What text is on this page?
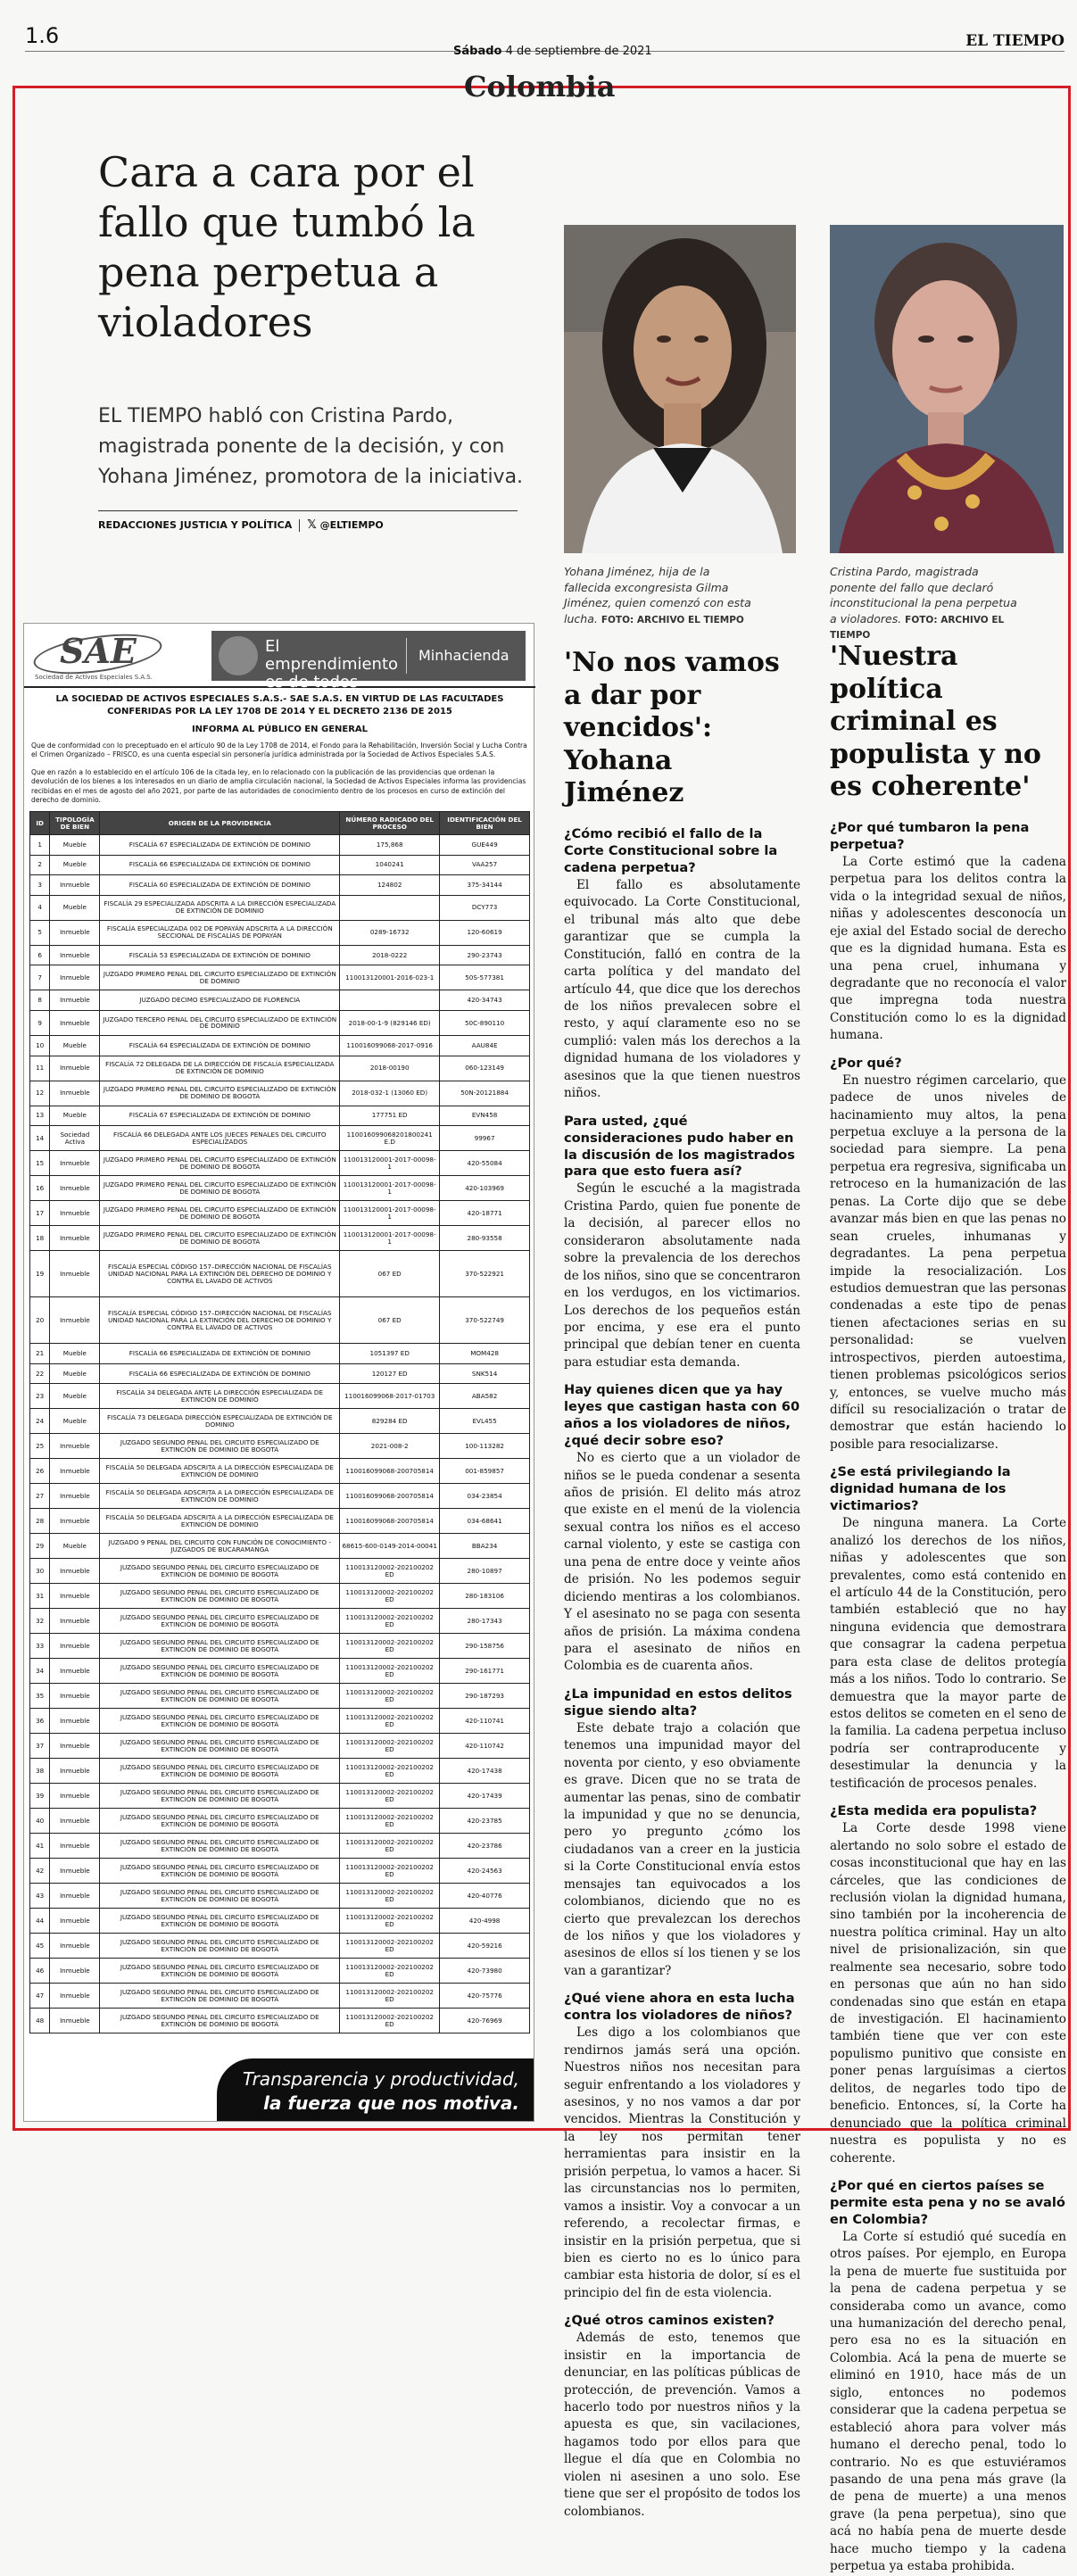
1.6
Sábado 4 de septiembre de 2021
EL TIEMPO
Colombia
Cara a cara por el fallo que tumbó la pena perpetua a violadores

EL TIEMPO habló con Cristina Pardo, magistrada ponente de la decisión, y con Yohana Jiménez, promotora de la iniciativa.

REDACCIONES JUSTICIA Y POLÍTICA 𝕏 @ELTIEMPO
SAE
Sociedad de Activos Especiales S.A.S.
El emprendimiento es de todos
Minhacienda
LA SOCIEDAD DE ACTIVOS ESPECIALES S.A.S.- SAE S.A.S. EN VIRTUD DE LAS FACULTADES CONFERIDAS POR LA LEY 1708 DE 2014 Y EL DECRETO 2136 DE 2015
INFORMA AL PÚBLICO EN GENERAL
Que de conformidad con lo preceptuado en el artículo 90 de la Ley 1708 de 2014, el Fondo para la Rehabilitación, Inversión Social y Lucha Contra el Crimen Organizado – FRISCO, es una cuenta especial sin personería jurídica administrada por la Sociedad de Activos Especiales S.A.S.
Que en razón a lo establecido en el artículo 106 de la citada ley, en lo relacionado con la publicación de las providencias que ordenan la devolución de los bienes a los interesados en un diario de amplia circulación nacional, la Sociedad de Activos Especiales informa las providencias recibidas en el mes de agosto del año 2021, por parte de las autoridades de conocimiento dentro de los procesos en curso de extinción del derecho de dominio.
ID	TIPOLOGÍA DE BIEN	ORIGEN DE LA PROVIDENCIA	NÚMERO RADICADO DEL PROCESO	IDENTIFICACIÓN DEL BIEN
1	Mueble	FISCALÍA 67 ESPECIALIZADA DE EXTINCIÓN DE DOMINIO	175,868	GUE449
2	Mueble	FISCALÍA 66 ESPECIALIZADA DE EXTINCIÓN DE DOMINIO	1040241	VAA257
3	Inmueble	FISCALÍA 60 ESPECIALIZADA DE EXTINCIÓN DE DOMINIO	124802	375-34144
4	Mueble	FISCALÍA 29 ESPECIALIZADA ADSCRITA A LA DIRECCIÓN ESPECIALIZADA DE EXTINCIÓN DE DOMINIO		DCY773
5	Inmueble	FISCALÍA ESPECIALIZADA 002 DE POPAYÁN ADSCRITA A LA DIRECCIÓN SECCIONAL DE FISCALÍAS DE POPAYÁN	0289-16732	120-60619
6	Inmueble	FISCALÍA 53 ESPECIALIZADA DE EXTINCIÓN DE DOMINIO	2018-0222	290-23743
7	Inmueble	JUZGADO PRIMERO PENAL DEL CIRCUITO ESPECIALIZADO DE EXTINCIÓN DE DOMINIO	110013120001-2016-023-1	50S-577381
8	Inmueble	JUZGADO DECIMO ESPECIALIZADO DE FLORENCIA		420-34743
9	Inmueble	JUZGADO TERCERO PENAL DEL CIRCUITO ESPECIALIZADO DE EXTINCIÓN DE DOMINIO	2018-00-1-9 (829146 ED)	50C-890110
10	Mueble	FISCALÍA 64 ESPECIALIZADA DE EXTINCIÓN DE DOMINIO	110016099068-2017-0916	AAU84E
11	Inmueble	FISCALÍA 72 DELEGADA DE LA DIRECCIÓN DE FISCALÍA ESPECIALIZADA DE EXTINCIÓN DE DOMINIO	2018-00190	060-123149
12	Inmueble	JUZGADO PRIMERO PENAL DEL CIRCUITO ESPECIALIZADO DE EXTINCIÓN DE DOMINIO DE BOGOTÁ	2018-032-1 (13060 ED)	50N-20121884
13	Mueble	FISCALÍA 67 ESPECIALIZADA DE EXTINCIÓN DE DOMINIO	177751 ED	EVN458
14	Sociedad Activa	FISCALÍA 66 DELEGADA ANTE LOS JUECES PENALES DEL CIRCUITO ESPECIALIZADOS	110016099068201800241 E.D	99967
15	Inmueble	JUZGADO PRIMERO PENAL DEL CIRCUITO ESPECIALIZADO DE EXTINCIÓN DE DOMINIO DE BOGOTÁ	110013120001-2017-00098-1	420-55084
16	Inmueble	JUZGADO PRIMERO PENAL DEL CIRCUITO ESPECIALIZADO DE EXTINCIÓN DE DOMINIO DE BOGOTÁ	110013120001-2017-00098-1	420-103969
17	Inmueble	JUZGADO PRIMERO PENAL DEL CIRCUITO ESPECIALIZADO DE EXTINCIÓN DE DOMINIO DE BOGOTÁ	110013120001-2017-00098-1	420-18771
18	Inmueble	JUZGADO PRIMERO PENAL DEL CIRCUITO ESPECIALIZADO DE EXTINCIÓN DE DOMINIO DE BOGOTÁ	110013120001-2017-00098-1	280-93558
19	Inmueble	FISCALÍA ESPECIAL CÓDIGO 157–DIRECCIÓN NACIONAL DE FISCALÍAS UNIDAD NACIONAL PARA LA EXTINCIÓN DEL DERECHO DE DOMINIO Y CONTRA EL LAVADO DE ACTIVOS	067 ED	370-522921
20	Inmueble	FISCALÍA ESPECIAL CÓDIGO 157–DIRECCIÓN NACIONAL DE FISCALÍAS UNIDAD NACIONAL PARA LA EXTINCIÓN DEL DERECHO DE DOMINIO Y CONTRA EL LAVADO DE ACTIVOS	067 ED	370-522749
21	Mueble	FISCALÍA 66 ESPECIALIZADA DE EXTINCIÓN DE DOMINIO	1051397 ED	MOM428
22	Mueble	FISCALÍA 66 ESPECIALIZADA DE EXTINCIÓN DE DOMINIO	120127 ED	SNK514
23	Mueble	FISCALÍA 34 DELEGADA ANTE LA DIRECCIÓN ESPECIALIZADA DE EXTINCIÓN DE DOMINIO	110016099068-2017-01703	ABA582
24	Mueble	FISCALÍA 73 DELEGADA DIRECCIÓN ESPECIALIZADA DE EXTINCIÓN DE DOMINIO	829284 ED	EVL455
25	Inmueble	JUZGADO SEGUNDO PENAL DEL CIRCUITO ESPECIALIZADO DE EXTINCIÓN DE DOMINIO DE BOGOTÁ	2021-008-2	100-113282
26	Inmueble	FISCALÍA 50 DELEGADA ADSCRITA A LA DIRECCIÓN ESPECIALIZADA DE EXTINCIÓN DE DOMINIO	110016099068-200705814	001-859857
27	Inmueble	FISCALÍA 50 DELEGADA ADSCRITA A LA DIRECCIÓN ESPECIALIZADA DE EXTINCIÓN DE DOMINIO	110016099068-200705814	034-23854
28	Inmueble	FISCALÍA 50 DELEGADA ADSCRITA A LA DIRECCIÓN ESPECIALIZADA DE EXTINCIÓN DE DOMINIO	110016099068-200705814	034-68641
29	Mueble	JUZGADO 9 PENAL DEL CIRCUITO CON FUNCIÓN DE CONOCIMIENTO -JUZGADOS DE BUCARAMANGA	68615-600-0149-2014-00041	BBA234
30	Inmueble	JUZGADO SEGUNDO PENAL DEL CIRCUITO ESPECIALIZADO DE EXTINCIÓN DE DOMINIO DE BOGOTÁ	110013120002-202100202 ED	280-10897
31	Inmueble	JUZGADO SEGUNDO PENAL DEL CIRCUITO ESPECIALIZADO DE EXTINCIÓN DE DOMINIO DE BOGOTÁ	110013120002-202100202 ED	280-183106
32	Inmueble	JUZGADO SEGUNDO PENAL DEL CIRCUITO ESPECIALIZADO DE EXTINCIÓN DE DOMINIO DE BOGOTÁ	110013120002-202100202 ED	280-17343
33	Inmueble	JUZGADO SEGUNDO PENAL DEL CIRCUITO ESPECIALIZADO DE EXTINCIÓN DE DOMINIO DE BOGOTÁ	110013120002-202100202 ED	290-158756
34	Inmueble	JUZGADO SEGUNDO PENAL DEL CIRCUITO ESPECIALIZADO DE EXTINCIÓN DE DOMINIO DE BOGOTÁ	110013120002-202100202 ED	290-161771
35	Inmueble	JUZGADO SEGUNDO PENAL DEL CIRCUITO ESPECIALIZADO DE EXTINCIÓN DE DOMINIO DE BOGOTÁ	110013120002-202100202 ED	290-187293
36	Inmueble	JUZGADO SEGUNDO PENAL DEL CIRCUITO ESPECIALIZADO DE EXTINCIÓN DE DOMINIO DE BOGOTÁ	110013120002-202100202 ED	420-110741
37	Inmueble	JUZGADO SEGUNDO PENAL DEL CIRCUITO ESPECIALIZADO DE EXTINCIÓN DE DOMINIO DE BOGOTÁ	110013120002-202100202 ED	420-110742
38	Inmueble	JUZGADO SEGUNDO PENAL DEL CIRCUITO ESPECIALIZADO DE EXTINCIÓN DE DOMINIO DE BOGOTÁ	110013120002-202100202 ED	420-17438
39	Inmueble	JUZGADO SEGUNDO PENAL DEL CIRCUITO ESPECIALIZADO DE EXTINCIÓN DE DOMINIO DE BOGOTÁ	110013120002-202100202 ED	420-17439
40	Inmueble	JUZGADO SEGUNDO PENAL DEL CIRCUITO ESPECIALIZADO DE EXTINCIÓN DE DOMINIO DE BOGOTÁ	110013120002-202100202 ED	420-23785
41	Inmueble	JUZGADO SEGUNDO PENAL DEL CIRCUITO ESPECIALIZADO DE EXTINCIÓN DE DOMINIO DE BOGOTÁ	110013120002-202100202 ED	420-23786
42	Inmueble	JUZGADO SEGUNDO PENAL DEL CIRCUITO ESPECIALIZADO DE EXTINCIÓN DE DOMINIO DE BOGOTÁ	110013120002-202100202 ED	420-24563
43	Inmueble	JUZGADO SEGUNDO PENAL DEL CIRCUITO ESPECIALIZADO DE EXTINCIÓN DE DOMINIO DE BOGOTÁ	110013120002-202100202 ED	420-40776
44	Inmueble	JUZGADO SEGUNDO PENAL DEL CIRCUITO ESPECIALIZADO DE EXTINCIÓN DE DOMINIO DE BOGOTÁ	110013120002-202100202 ED	420-4998
45	Inmueble	JUZGADO SEGUNDO PENAL DEL CIRCUITO ESPECIALIZADO DE EXTINCIÓN DE DOMINIO DE BOGOTÁ	110013120002-202100202 ED	420-59216
46	Inmueble	JUZGADO SEGUNDO PENAL DEL CIRCUITO ESPECIALIZADO DE EXTINCIÓN DE DOMINIO DE BOGOTÁ	110013120002-202100202 ED	420-73980
47	Inmueble	JUZGADO SEGUNDO PENAL DEL CIRCUITO ESPECIALIZADO DE EXTINCIÓN DE DOMINIO DE BOGOTÁ	110013120002-202100202 ED	420-75776
48	Inmueble	JUZGADO SEGUNDO PENAL DEL CIRCUITO ESPECIALIZADO DE EXTINCIÓN DE DOMINIO DE BOGOTÁ	110013120002-202100202 ED	420-76969
Transparencia y productividad,
la fuerza que nos motiva.
Yohana Jiménez, hija de la fallecida excongresista Gilma Jiménez, quien comenzó con esta lucha. FOTO: ARCHIVO EL TIEMPO
Cristina Pardo, magistrada ponente del fallo que declaró inconstitucional la pena perpetua a violadores. FOTO: ARCHIVO EL TIEMPO
'No nos vamos a dar por vencidos': Yohana Jiménez
¿Cómo recibió el fallo de la Corte Constitucional sobre la cadena perpetua?

El fallo es absolutamente equivocado. La Corte Constitucional, el tribunal más alto que debe garantizar que se cumpla la Constitución, falló en contra de la carta política y del mandato del artículo 44, que dice que los derechos de los niños prevalecen sobre el resto, y aquí claramente eso no se cumplió: valen más los derechos a la dignidad humana de los violadores y asesinos que la que tienen nuestros niños.

Para usted, ¿qué consideraciones pudo haber en la discusión de los magistrados para que esto fuera así?

Según le escuché a la magistrada Cristina Pardo, quien fue ponente de la decisión, al parecer ellos no consideraron absolutamente nada sobre la prevalencia de los derechos de los niños, sino que se concentraron en los verdugos, en los victimarios. Los derechos de los pequeños están por encima, y ese era el punto principal que debían tener en cuenta para estudiar esta demanda.

Hay quienes dicen que ya hay leyes que castigan hasta con 60 años a los violadores de niños, ¿qué decir sobre eso?

No es cierto que a un violador de niños se le pueda condenar a sesenta años de prisión. El delito más atroz que existe en el menú de la violencia sexual contra los niños es el acceso carnal violento, y este se castiga con una pena de entre doce y veinte años de prisión. No les podemos seguir diciendo mentiras a los colombianos. Y el asesinato no se paga con sesenta años de prisión. La máxima condena para el asesinato de niños en Colombia es de cuarenta años.

¿La impunidad en estos delitos sigue siendo alta?

Este debate trajo a colación que tenemos una impunidad mayor del noventa por ciento, y eso obviamente es grave. Dicen que no se trata de aumentar las penas, sino de combatir la impunidad y que no se denuncia, pero yo pregunto ¿cómo los ciudadanos van a creer en la justicia si la Corte Constitucional envía estos mensajes tan equivocados a los colombianos, diciendo que no es cierto que prevalezcan los derechos de los niños y que los violadores y asesinos de ellos sí los tienen y se los van a garantizar?

¿Qué viene ahora en esta lucha contra los violadores de niños?

Les digo a los colombianos que rendirnos jamás será una opción. Nuestros niños nos necesitan para seguir enfrentando a los violadores y asesinos, y no nos vamos a dar por vencidos. Mientras la Constitución y la ley nos permitan tener herramientas para insistir en la prisión perpetua, lo vamos a hacer. Si las circunstancias nos lo permiten, vamos a insistir. Voy a convocar a un referendo, a recolectar firmas, e insistir en la prisión perpetua, que si bien es cierto no es lo único para cambiar esta historia de dolor, sí es el principio del fin de esta violencia.

¿Qué otros caminos existen?

Además de esto, tenemos que insistir en la importancia de denunciar, en las políticas públicas de protección, de prevención. Vamos a hacerlo todo por nuestros niños y la apuesta es que, sin vacilaciones, hagamos todo por ellos para que llegue el día que en Colombia no violen ni asesinen a uno solo. Ese tiene que ser el propósito de todos los colombianos.

'Nuestra política criminal es populista y no es coherente'
¿Por qué tumbaron la pena perpetua?

La Corte estimó que la cadena perpetua para los delitos contra la vida o la integridad sexual de niños, niñas y adolescentes desconocía un eje axial del Estado social de derecho que es la dignidad humana. Esta es una pena cruel, inhumana y degradante que no reconocía el valor que impregna toda nuestra Constitución como lo es la dignidad humana.

¿Por qué?

En nuestro régimen carcelario, que padece de unos niveles de hacinamiento muy altos, la pena perpetua excluye a la persona de la sociedad para siempre. La pena perpetua era regresiva, significaba un retroceso en la humanización de las penas. La Corte dijo que se debe avanzar más bien en que las penas no sean crueles, inhumanas y degradantes. La pena perpetua impide la resocialización. Los estudios demuestran que las personas condenadas a este tipo de penas tienen afectaciones serias en su personalidad: se vuelven introspectivos, pierden autoestima, tienen problemas psicológicos serios y, entonces, se vuelve mucho más difícil su resocialización o tratar de demostrar que están haciendo lo posible para resocializarse.

¿Se está privilegiando la dignidad humana de los victimarios?

De ninguna manera. La Corte analizó los derechos de los niños, niñas y adolescentes que son prevalentes, como está contenido en el artículo 44 de la Constitución, pero también estableció que no hay ninguna evidencia que demostrara que consagrar la cadena perpetua para esta clase de delitos protegía más a los niños. Todo lo contrario. Se demuestra que la mayor parte de estos delitos se cometen en el seno de la familia. La cadena perpetua incluso podría ser contraproducente y desestimular la denuncia y la testificación de procesos penales.

¿Esta medida era populista?

La Corte desde 1998 viene alertando no solo sobre el estado de cosas inconstitucional que hay en las cárceles, que las condiciones de reclusión violan la dignidad humana, sino también por la incoherencia de nuestra política criminal. Hay un alto nivel de prisionalización, sin que realmente sea necesario, sobre todo en personas que aún no han sido condenadas sino que están en etapa de investigación. El hacinamiento también tiene que ver con este populismo punitivo que consiste en poner penas larguísimas a ciertos delitos, de negarles todo tipo de beneficio. Entonces, sí, la Corte ha denunciado que la política criminal nuestra es populista y no es coherente.

¿Por qué en ciertos países se permite esta pena y no se avaló en Colombia?

La Corte sí estudió qué sucedía en otros países. Por ejemplo, en Europa la pena de muerte fue sustituida por la pena de cadena perpetua y se consideraba como un avance, como una humanización del derecho penal, pero esa no es la situación en Colombia. Acá la pena de muerte se eliminó en 1910, hace más de un siglo, entonces no podemos considerar que la cadena perpetua se estableció ahora para volver más humano el derecho penal, todo lo contrario. No es que estuviéramos pasando de una pena más grave (la de pena de muerte) a una menos grave (la pena perpetua), sino que acá no había pena de muerte desde hace mucho tiempo y la cadena perpetua ya estaba prohibida.
